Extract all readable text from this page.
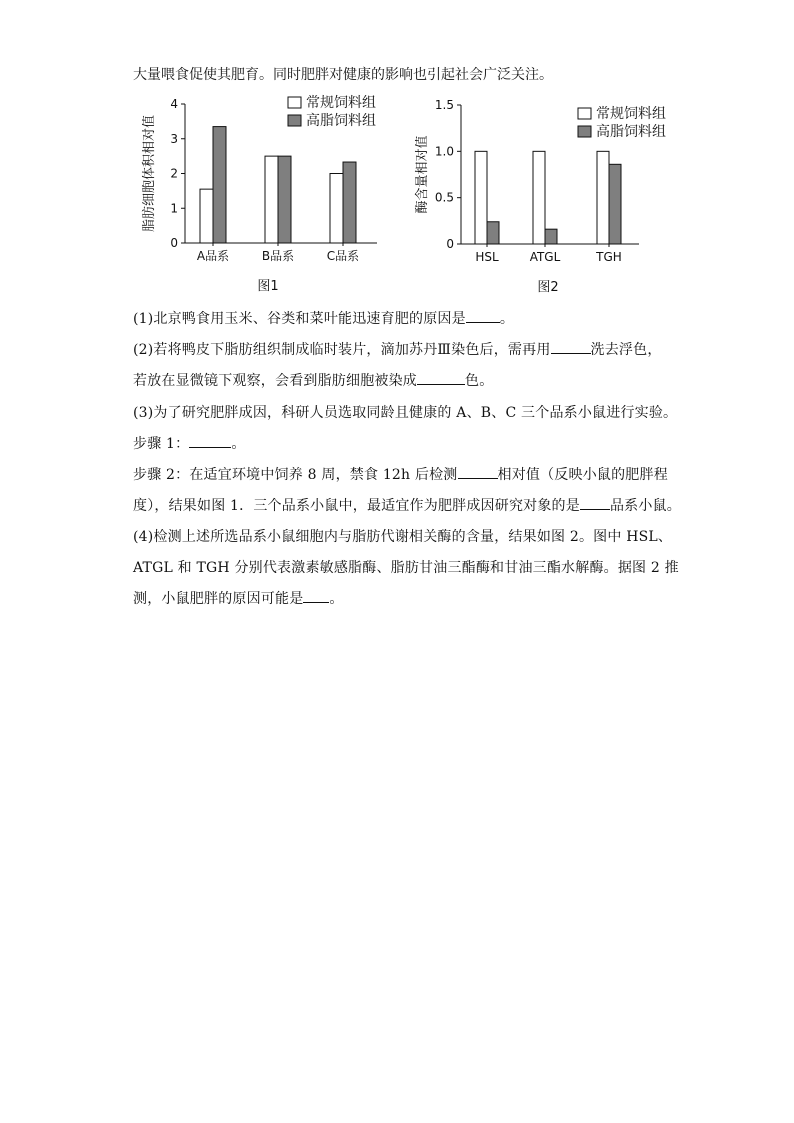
大量喂食促使其肥育。同时肥胖对健康的影响也引起社会广泛关注。
0
1
2
3
4
脂肪细胞体积相对值
A品系	B品系	C品系
常规饲料组
高脂饲料组
图1
0
0.5
1.0
1.5
酶含量相对值
HSL	ATGL	TGH
常规饲料组
高脂饲料组
图2
(1)北京鸭食用玉米、谷类和菜叶能迅速育肥的原因是 。
(2)若将鸭皮下脂肪组织制成临时装片，滴加苏丹Ⅲ染色后，需再用	洗去浮色，
若放在显微镜下观察，会看到脂肪细胞被染成	色。
(3)为了研究肥胖成因，科研人员选取同龄且健康的 A、B、C 三个品系小鼠进行实验。
步骤 1：	。
步骤 2：在适宜环境中饲养 8 周，禁食 12h 后检测	相对值（反映小鼠的肥胖程
度），结果如图 1．三个品系小鼠中，最适宜作为肥胖成因研究对象的是 品系小鼠。
(4)检测上述所选品系小鼠细胞内与脂肪代谢相关酶的含量，结果如图 2。图中 HSL、
ATGL 和 TGH 分别代表激素敏感脂酶、脂肪甘油三酯酶和甘油三酯水解酶。据图 2 推
测，小鼠肥胖的原因可能是 。
